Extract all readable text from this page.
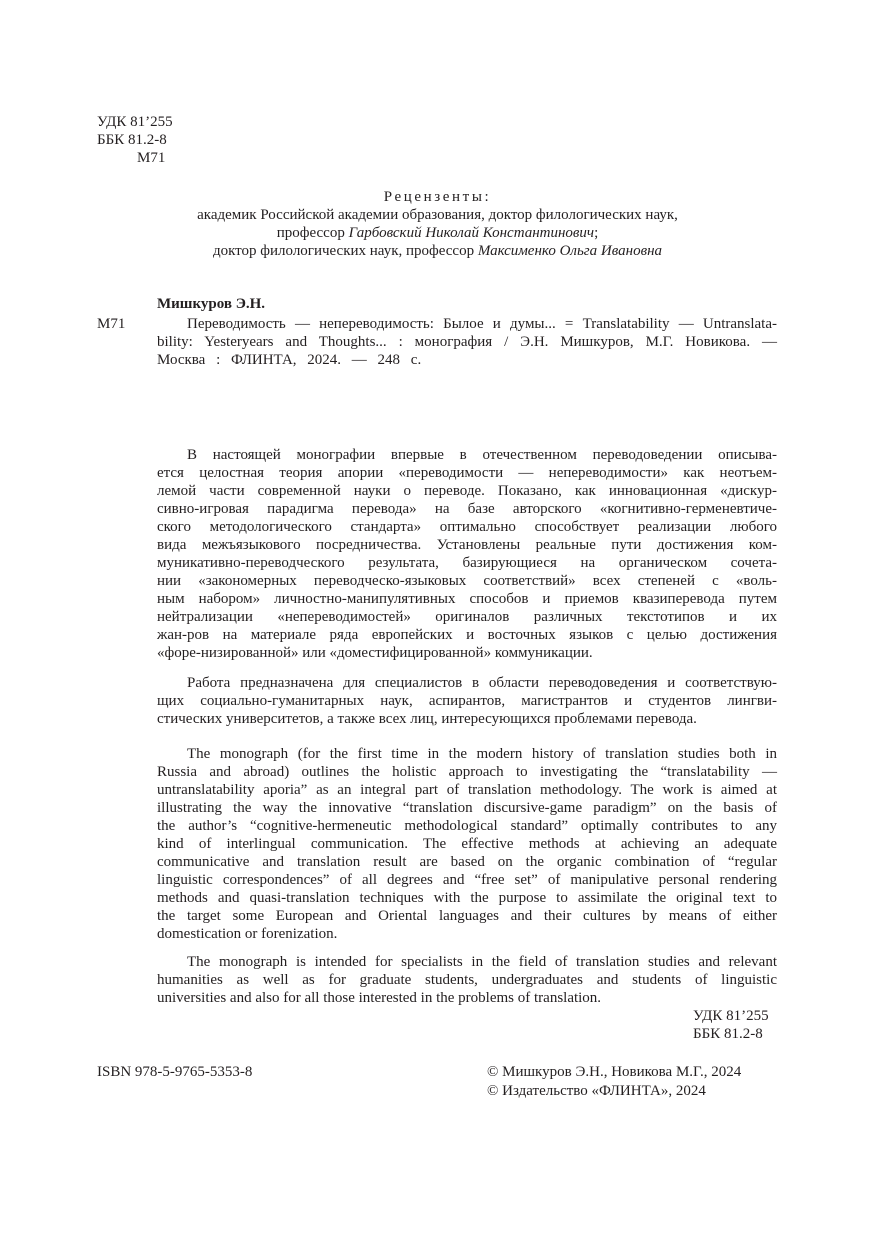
УДК 81’255
ББК 81.2-8
М71
Рецензенты:
академик Российской академии образования, доктор филологических наук,
профессор Гарбовский Николай Константинович;
доктор филологических наук, профессор Максименко Ольга Ивановна
Мишкуров Э.Н.
М71	Переводимость — непереводимость: Былое и думы... = Translatability — Untranslata-
bility: Yesteryears and Thoughts... : монография / Э.Н. Мишкуров, М.Г. Новикова. —
Москва : ФЛИНТА, 2024. — 248 с.
В настоящей монографии впервые в отечественном переводоведении описыва-
ется целостная теория апории «переводимости — непереводимости» как неотъем-
лемой части современной науки о переводе. Показано, как инновационная «дискур-
сивно-игровая парадигма перевода» на базе авторского «когнитивно-герменевтиче-
ского методологического стандарта» оптимально способствует реализации любого
вида межъязыкового посредничества. Установлены реальные пути достижения ком-
муникативно-переводческого результата, базирующиеся на органическом сочета-
нии «закономерных переводческо-языковых соответствий» всех степеней с «воль-
ным набором» личностно-манипулятивных способов и приемов квазиперевода путем
нейтрализации «непереводимостей» оригиналов различных текстотипов и их
жан-ров на материале ряда европейских и восточных языков с целью достижения
«форе-низированной» или «доместифицированной» коммуникации.
Работа предназначена для специалистов в области переводоведения и соответствую-
щих социально-гуманитарных наук, аспирантов, магистрантов и студентов лингви-
стических университетов, а также всех лиц, интересующихся проблемами перевода.
The monograph (for the first time in the modern history of translation studies both in
Russia and abroad) outlines the holistic approach to investigating the “translatability —
untranslatability aporia” as an integral part of translation methodology. The work is aimed at
illustrating the way the innovative “translation discursive-game paradigm” on the basis of
the author’s “cognitive-hermeneutic methodological standard” optimally contributes to any
kind of interlingual communication. The effective methods at achieving an adequate
communicative and translation result are based on the organic combination of “regular
linguistic correspondences” of all degrees and “free set” of manipulative personal rendering
methods and quasi-translation techniques with the purpose to assimilate the original text to
the target some European and Oriental languages and their cultures by means of either
domestication or forenization.
The monograph is intended for specialists in the field of translation studies and relevant
humanities as well as for graduate students, undergraduates and students of linguistic
universities and also for all those interested in the problems of translation.
УДК 81’255
ББК 81.2-8
ISBN 978-5-9765-5353-8	© Мишкуров Э.Н., Новикова М.Г., 2024
© Издательство «ФЛИНТА», 2024
